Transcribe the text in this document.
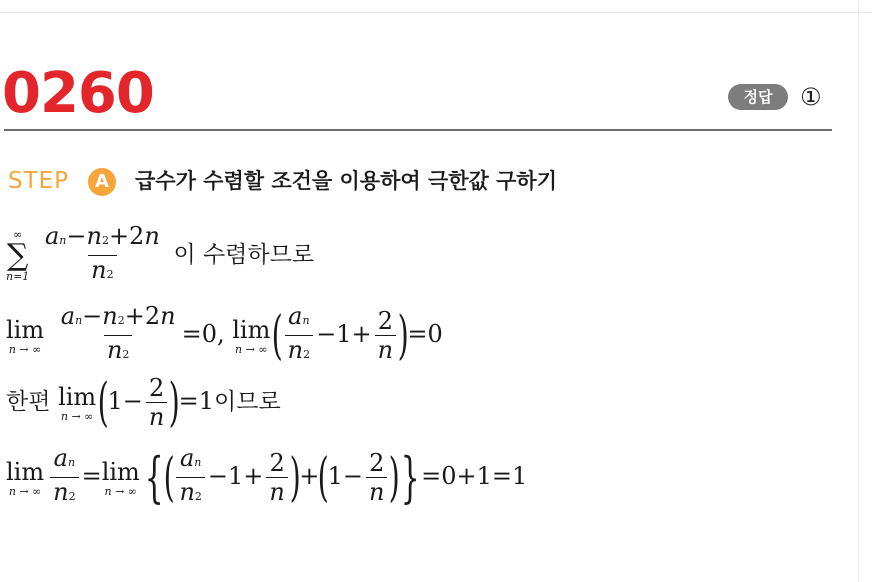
0260	정답	①
STEP	A	급수가 수렴할 조건을 이용하여 극한값 구하기
∞
∑
n=1
$\frac{an-n2+2n}{n2}$ 이 수렴하므로
lim
n → ∞
$\frac{an-n2+2n}{n2} =0$, lim
n → ∞ ( $\frac{an}{n2} -1+ \frac{2}{n} )=0$
한편 lim
n → ∞ $(1- \frac{2}{n} )=1$이므로
lim
n → ∞ $\frac{an}{n2} = \lim$
n → ∞ {( $\frac{an}{n2} -1+ \frac{2}{n} )+(1- \frac{2}{n} )\}=0+1=1$
